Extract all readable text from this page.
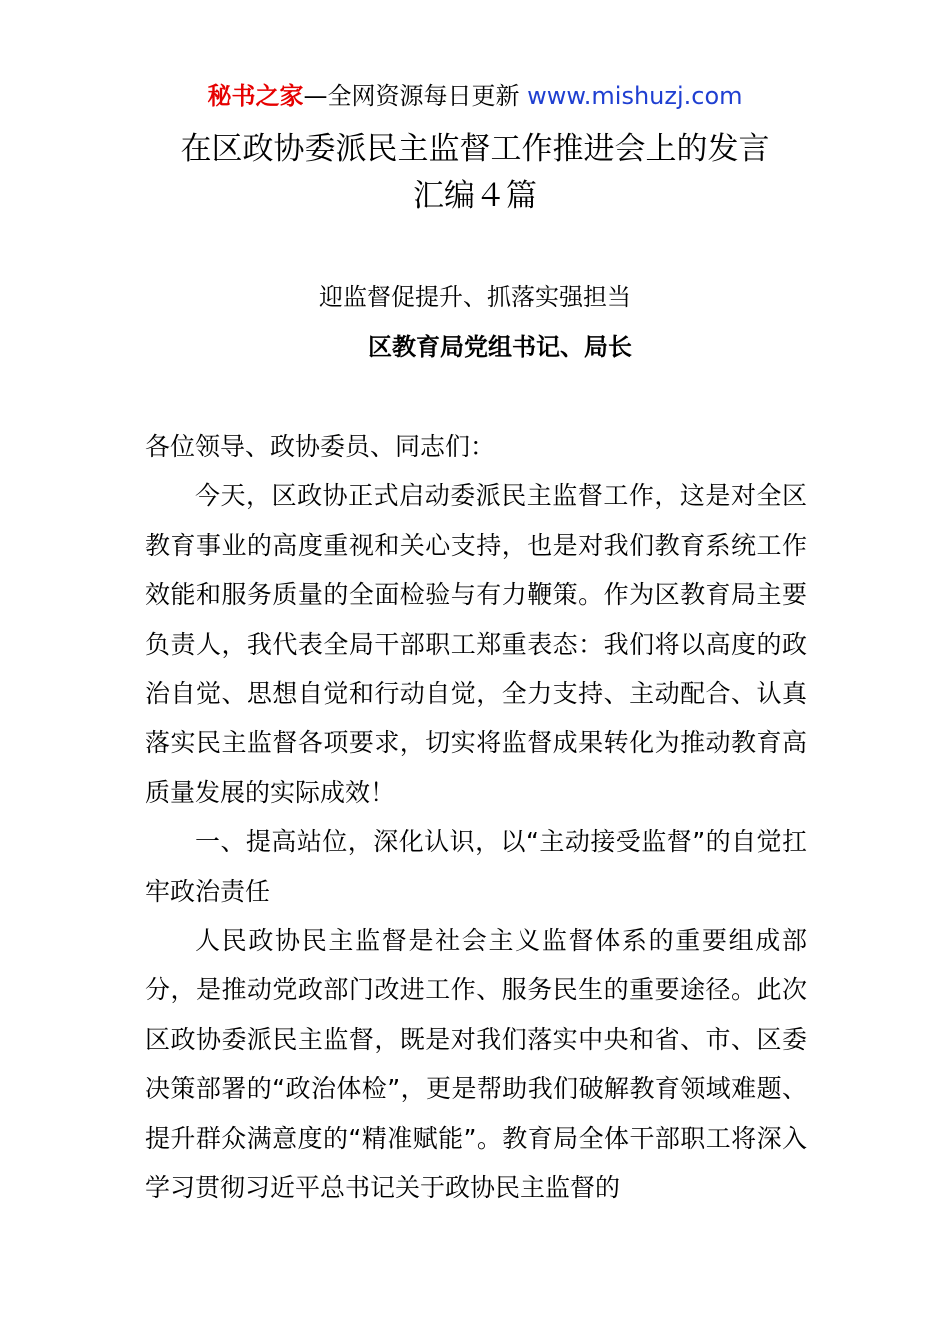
秘书之家—全网资源每日更新 www.mishuzj.com
在区政协委派民主监督工作推进会上的发言
汇编４篇
迎监督促提升、抓落实强担当
区教育局党组书记、局长

各位领导、政协委员、同志们：

今天，区政协正式启动委派民主监督工作，这是对全区教育事业的高度重视和关心支持，也是对我们教育系统工作效能和服务质量的全面检验与有力鞭策。作为区教育局主要负责人，我代表全局干部职工郑重表态：我们将以高度的政治自觉、思想自觉和行动自觉，全力支持、主动配合、认真落实民主监督各项要求，切实将监督成果转化为推动教育高质量发展的实际成效！

一、提高站位，深化认识，以“主动接受监督”的自觉扛牢政治责任

人民政协民主监督是社会主义监督体系的重要组成部分，是推动党政部门改进工作、服务民生的重要途径。此次区政协委派民主监督，既是对我们落实中央和省、市、区委决策部署的“政治体检”，更是帮助我们破解教育领域难题、提升群众满意度的“精准赋能”。教育局全体干部职工将深入学习贯彻习近平总书记关于政协民主监督的
